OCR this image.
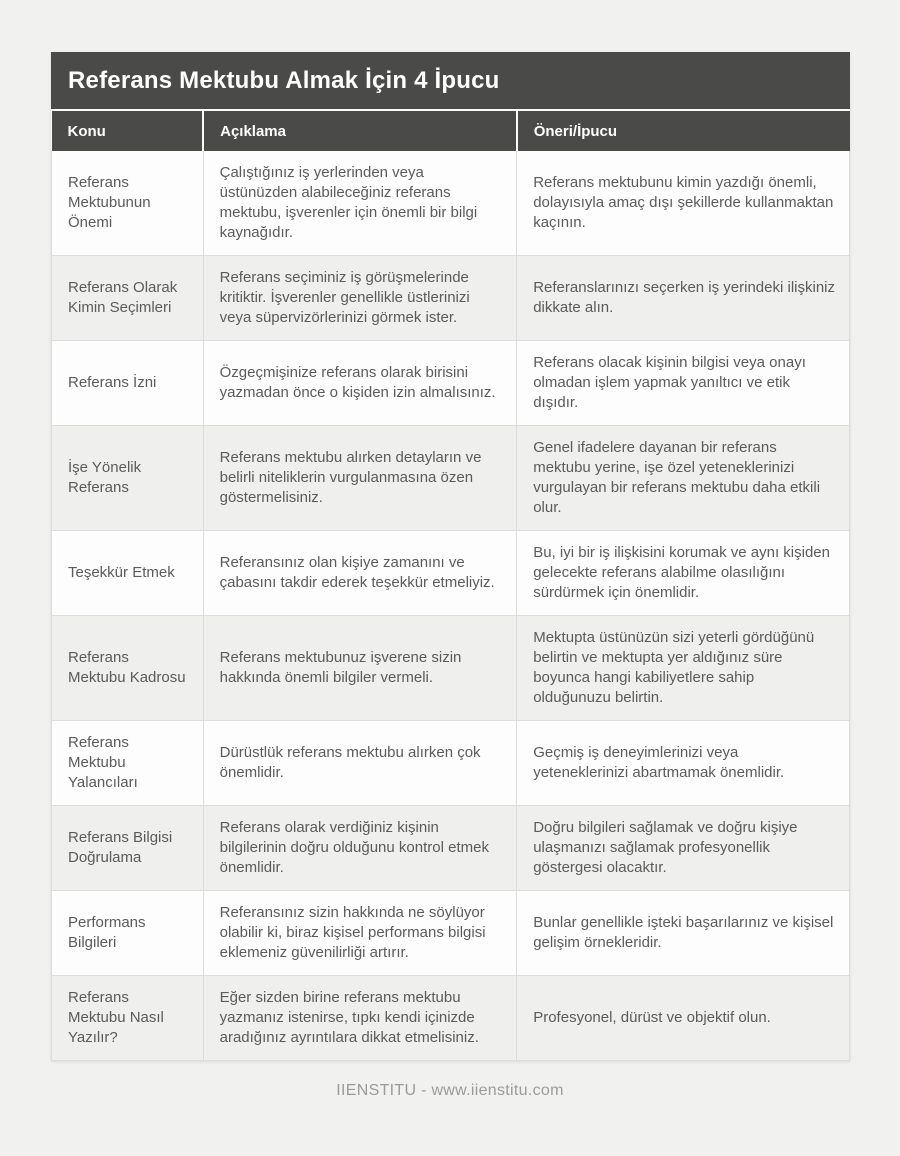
Referans Mektubu Almak İçin 4 İpucu
Konu	Açıklama	Öneri/İpucu
Referans Mektubunun Önemi	Çalıştığınız iş yerlerinden veya üstünüzden alabileceğiniz referans mektubu, işverenler için önemli bir bilgi kaynağıdır.	Referans mektubunu kimin yazdığı önemli, dolayısıyla amaç dışı şekillerde kullanmaktan kaçının.
Referans Olarak Kimin Seçimleri	Referans seçiminiz iş görüşmelerinde kritiktir. İşverenler genellikle üstlerinizi veya süpervizörlerinizi görmek ister.	Referanslarınızı seçerken iş yerindeki ilişkiniz dikkate alın.
Referans İzni	Özgeçmişinize referans olarak birisini yazmadan önce o kişiden izin almalısınız.	Referans olacak kişinin bilgisi veya onayı olmadan işlem yapmak yanıltıcı ve etik dışıdır.
İşe Yönelik Referans	Referans mektubu alırken detayların ve belirli niteliklerin vurgulanmasına özen göstermelisiniz.	Genel ifadelere dayanan bir referans mektubu yerine, işe özel yeteneklerinizi vurgulayan bir referans mektubu daha etkili olur.
Teşekkür Etmek	Referansınız olan kişiye zamanını ve çabasını takdir ederek teşekkür etmeliyiz.	Bu, iyi bir iş ilişkisini korumak ve aynı kişiden gelecekte referans alabilme olasılığını sürdürmek için önemlidir.
Referans Mektubu Kadrosu	Referans mektubunuz işverene sizin hakkında önemli bilgiler vermeli.	Mektupta üstünüzün sizi yeterli gördüğünü belirtin ve mektupta yer aldığınız süre boyunca hangi kabiliyetlere sahip olduğunuzu belirtin.
Referans Mektubu Yalancıları	Dürüstlük referans mektubu alırken çok önemlidir.	Geçmiş iş deneyimlerinizi veya yeteneklerinizi abartmamak önemlidir.
Referans Bilgisi Doğrulama	Referans olarak verdiğiniz kişinin bilgilerinin doğru olduğunu kontrol etmek önemlidir.	Doğru bilgileri sağlamak ve doğru kişiye ulaşmanızı sağlamak profesyonellik göstergesi olacaktır.
Performans Bilgileri	Referansınız sizin hakkında ne söylüyor olabilir ki, biraz kişisel performans bilgisi eklemeniz güvenilirliği artırır.	Bunlar genellikle işteki başarılarınız ve kişisel gelişim örnekleridir.
Referans Mektubu Nasıl Yazılır?	Eğer sizden birine referans mektubu yazmanız istenirse, tıpkı kendi içinizde aradığınız ayrıntılara dikkat etmelisiniz.	Profesyonel, dürüst ve objektif olun.
IIENSTITU - www.iienstitu.com
